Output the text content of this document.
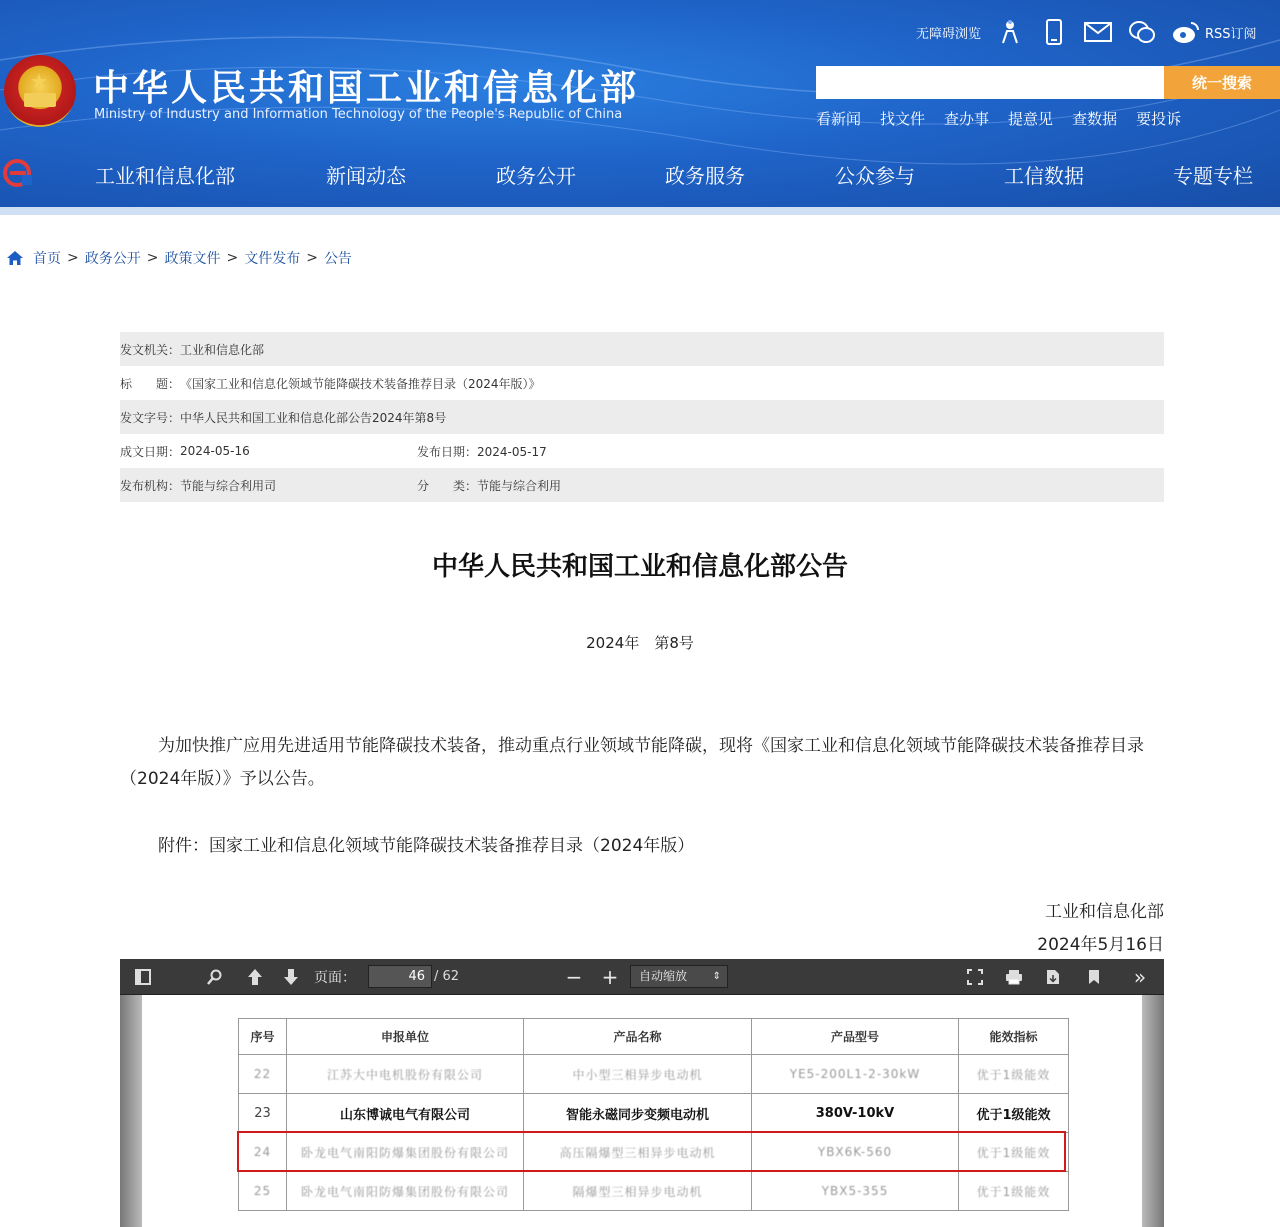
★ 中华人民共和国工业和信息化部
Ministry of Industry and Information Technology of the People's Republic of China
无障碍浏览	RSS订阅
统一搜索
看新闻 找文件 查办事 提意见 查数据 要投诉
工业和信息化部	新闻动态	政务公开	政务服务	公众参与	工信数据	专题专栏
首页 > 政务公开 > 政策文件 > 文件发布 > 公告
发文机关： 工业和信息化部
标　　题： 《国家工业和信息化领域节能降碳技术装备推荐目录（2024年版）》
发文字号： 中华人民共和国工业和信息化部公告2024年第8号
成文日期： 2024-05-16	发布日期：2024-05-17
发布机构： 节能与综合利用司	分　　类：节能与综合利用
中华人民共和国工业和信息化部公告
2024年　第8号
为加快推广应用先进适用节能降碳技术装备，推动重点行业领域节能降碳，现将《国家工业和信息化领域节能降碳技术装备推荐目录（2024年版）》予以公告。
附件：国家工业和信息化领域节能降碳技术装备推荐目录（2024年版）
工业和信息化部
2024年5月16日
页面：	46 / 62	− +	自动缩放 ⇕	»
序号	申报单位	产品名称	产品型号	能效指标
22	江苏大中电机股份有限公司	中小型三相异步电动机	YE5-200L1-2-30kW	优于1级能效
23	山东博诚电气有限公司	智能永磁同步变频电动机	380V-10kV	优于1级能效
24	卧龙电气南阳防爆集团股份有限公司	高压隔爆型三相异步电动机	YBX6K-560	优于1级能效
25	卧龙电气南阳防爆集团股份有限公司	隔爆型三相异步电动机	YBX5-355	优于1级能效
